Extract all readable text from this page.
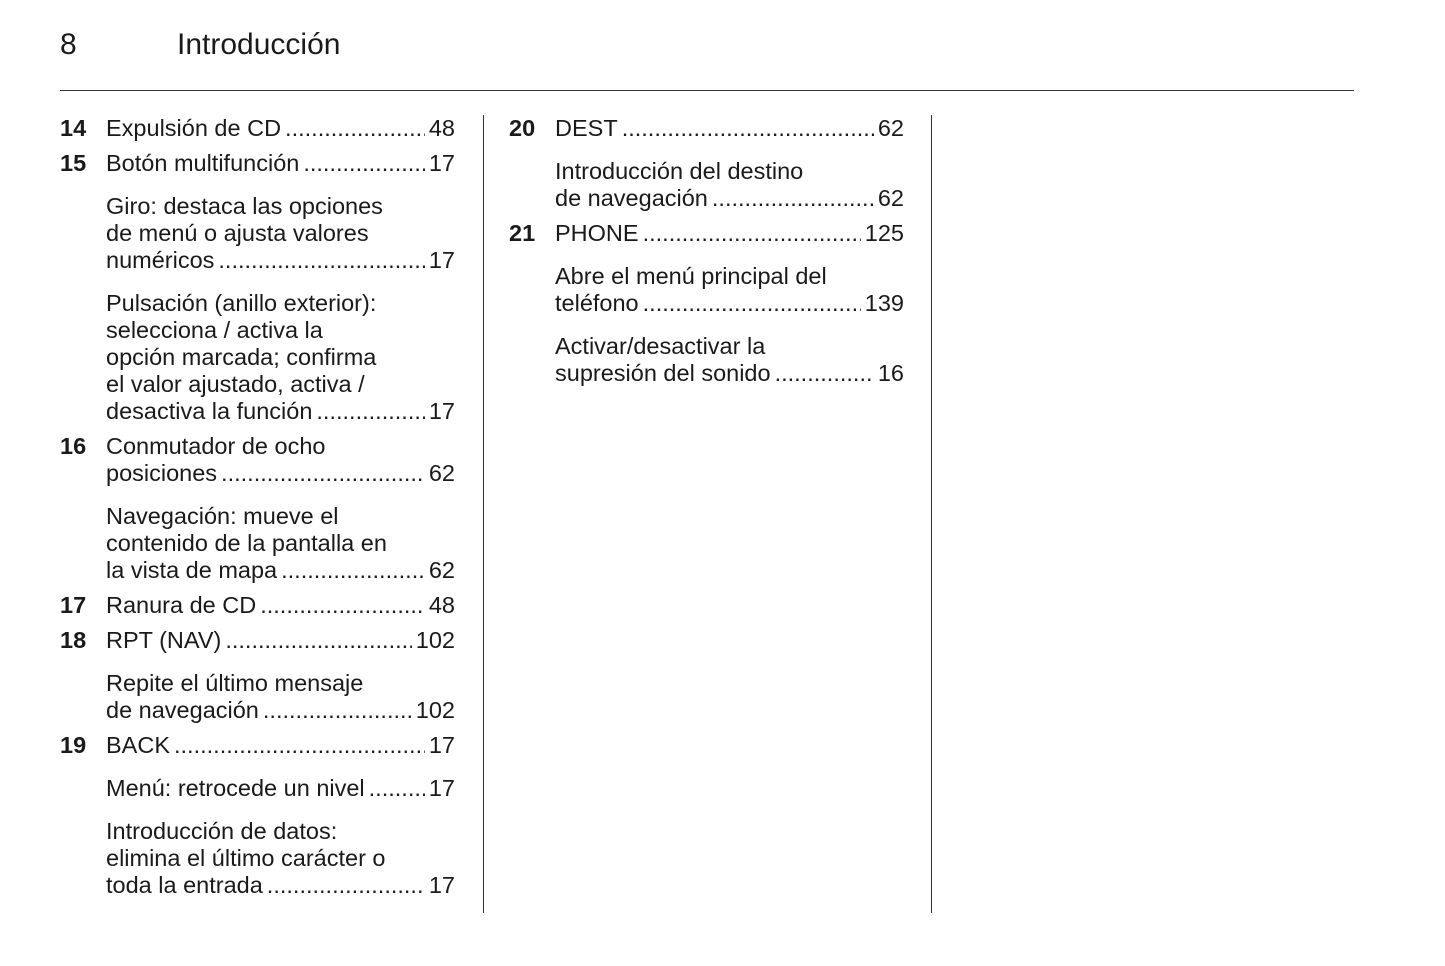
8	Introducción
14 Expulsión de CD .....	48
15 Botón multifunción .....	17
Giro: destaca las opciones
de menú o ajusta valores
numéricos .....	17
Pulsación (anillo exterior):
selecciona / activa la
opción marcada; confirma
el valor ajustado, activa /
desactiva la función .....	17
16 Conmutador de ocho
posiciones .....	62
Navegación: mueve el
contenido de la pantalla en
la vista de mapa .....	62
17 Ranura de CD .....	48
18 RPT (NAV) .....	102
Repite el último mensaje
de navegación .....	102
19 BACK .....	17
Menú: retrocede un nivel .....	17
Introducción de datos:
elimina el último carácter o
toda la entrada .....	17
20 DEST .....	62
Introducción del destino
de navegación .....	62
21 PHONE .....	125
Abre el menú principal del
teléfono .....	139
Activar/desactivar la
supresión del sonido .....	16
